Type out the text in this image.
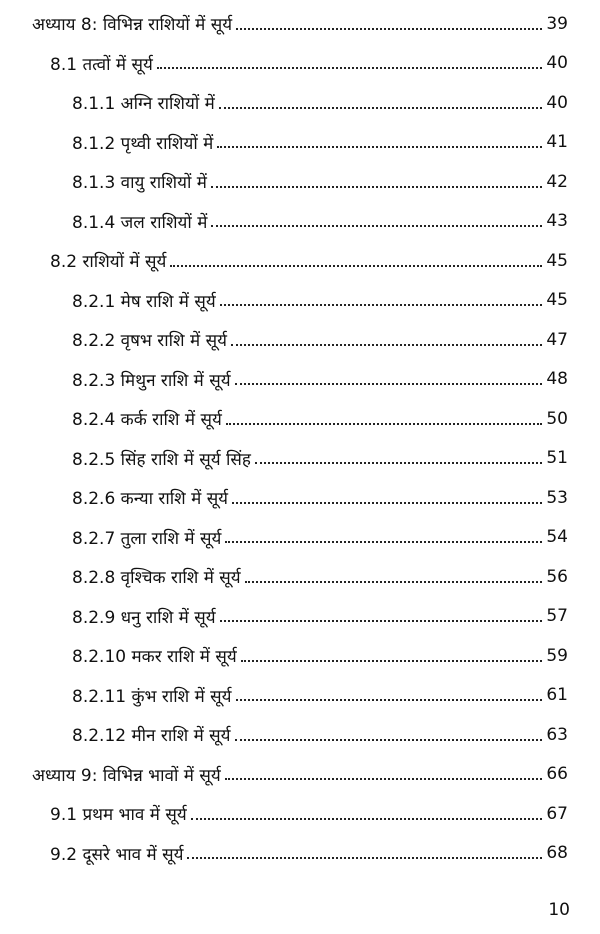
अध्याय 8: विभिन्न राशियों में सूर्य	39
8.1 तत्वों में सूर्य	40
8.1.1 अग्नि राशियों में	40
8.1.2 पृथ्वी राशियों में	41
8.1.3 वायु राशियों में	42
8.1.4 जल राशियों में	43
8.2 राशियों में सूर्य	45
8.2.1 मेष राशि में सूर्य	45
8.2.2 वृषभ राशि में सूर्य	47
8.2.3 मिथुन राशि में सूर्य	48
8.2.4 कर्क राशि में सूर्य	50
8.2.5 सिंह राशि में सूर्य सिंह	51
8.2.6 कन्या राशि में सूर्य	53
8.2.7 तुला राशि में सूर्य	54
8.2.8 वृश्चिक राशि में सूर्य	56
8.2.9 धनु राशि में सूर्य	57
8.2.10 मकर राशि में सूर्य	59
8.2.11 कुंभ राशि में सूर्य	61
8.2.12 मीन राशि में सूर्य	63
अध्याय 9: विभिन्न भावों में सूर्य	66
9.1 प्रथम भाव में सूर्य	67
9.2 दूसरे भाव में सूर्य	68
10
